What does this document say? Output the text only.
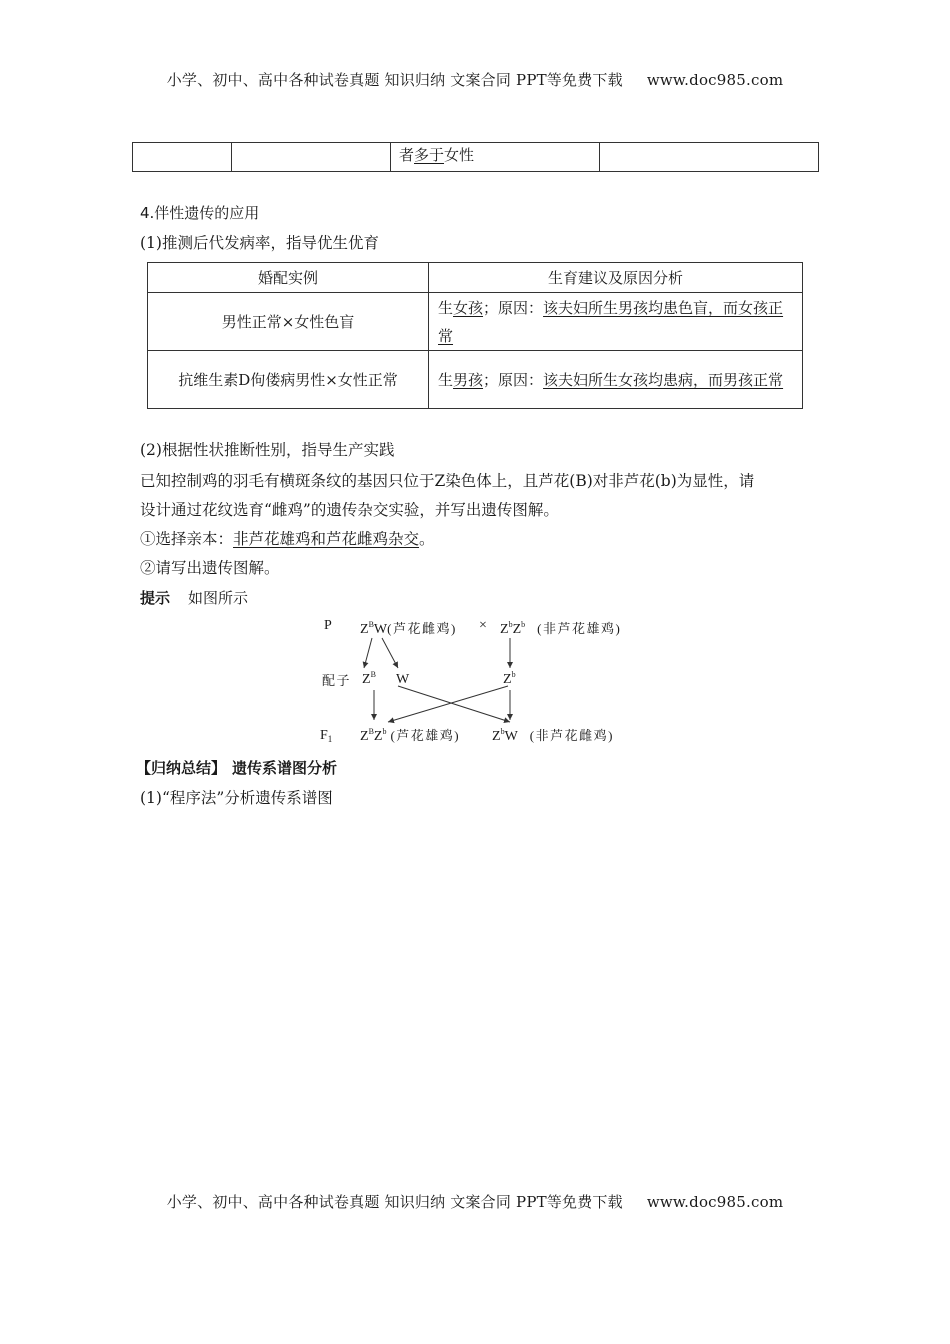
小学、初中、高中各种试卷真题 知识归纳 文案合同 PPT等免费下载 www.doc985.com
		者多于女性	
4.伴性遗传的应用
(1)推测后代发病率，指导优生优育
婚配实例	生育建议及原因分析
男性正常×女性色盲	生女孩；原因：该夫妇所生男孩均患色盲，而女孩正常
抗维生素D佝偻病男性×女性正常	生男孩；原因：该夫妇所生女孩均患病，而男孩正常
(2)根据性状推断性别，指导生产实践
已知控制鸡的羽毛有横斑条纹的基因只位于Z染色体上，且芦花(B)对非芦花(b)为显性，请
设计通过花纹选育“雌鸡”的遗传杂交实验，并写出遗传图解。
①选择亲本：非芦花雄鸡和芦花雌鸡杂交。
②请写出遗传图解。
提示 如图所示
P $Z^BW$(芦花雌鸡) × $Z^bZ^b$ (非芦花雄鸡)
配子 $Z^B$ W	$Z^b$
$F_1$ $Z^BZ^b$ (芦花雄鸡) $Z^bW$ (非芦花雌鸡)
【归纳总结】 遗传系谱图分析
(1)“程序法”分析遗传系谱图
小学、初中、高中各种试卷真题 知识归纳 文案合同 PPT等免费下载 www.doc985.com
